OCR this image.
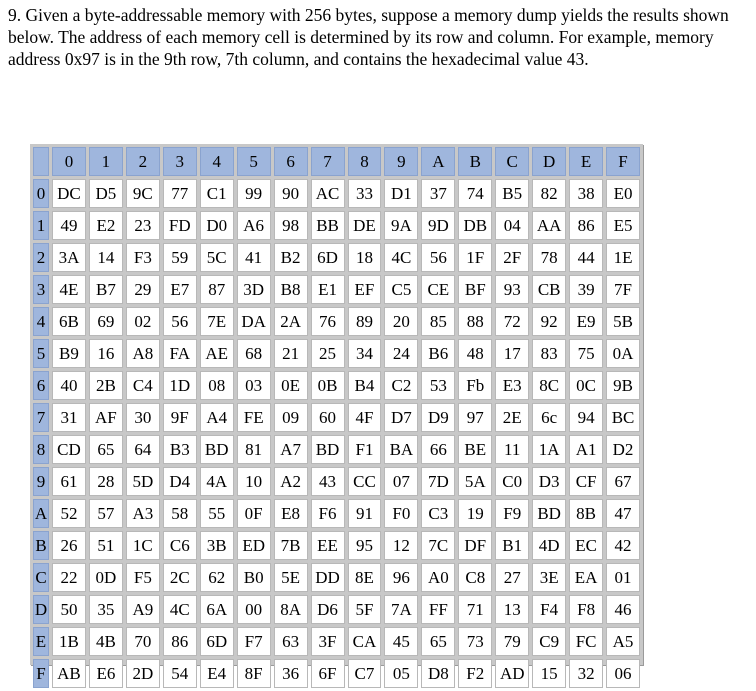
9. Given a byte-addressable memory with 256 bytes, suppose a memory dump yields the results shown below. The address of each memory cell is determined by its row and column. For example, memory address 0x97 is in the 9th row, 7th column, and contains the hexadecimal value 43.

	0	1	2	3	4	5	6	7	8	9	A	B	C	D	E	F
0	DC	D5	9C	77	C1	99	90	AC	33	D1	37	74	B5	82	38	E0
1	49	E2	23	FD	D0	A6	98	BB	DE	9A	9D	DB	04	AA	86	E5
2	3A	14	F3	59	5C	41	B2	6D	18	4C	56	1F	2F	78	44	1E
3	4E	B7	29	E7	87	3D	B8	E1	EF	C5	CE	BF	93	CB	39	7F
4	6B	69	02	56	7E	DA	2A	76	89	20	85	88	72	92	E9	5B
5	B9	16	A8	FA	AE	68	21	25	34	24	B6	48	17	83	75	0A
6	40	2B	C4	1D	08	03	0E	0B	B4	C2	53	Fb	E3	8C	0C	9B
7	31	AF	30	9F	A4	FE	09	60	4F	D7	D9	97	2E	6c	94	BC
8	CD	65	64	B3	BD	81	A7	BD	F1	BA	66	BE	11	1A	A1	D2
9	61	28	5D	D4	4A	10	A2	43	CC	07	7D	5A	C0	D3	CF	67
A	52	57	A3	58	55	0F	E8	F6	91	F0	C3	19	F9	BD	8B	47
B	26	51	1C	C6	3B	ED	7B	EE	95	12	7C	DF	B1	4D	EC	42
C	22	0D	F5	2C	62	B0	5E	DD	8E	96	A0	C8	27	3E	EA	01
D	50	35	A9	4C	6A	00	8A	D6	5F	7A	FF	71	13	F4	F8	46
E	1B	4B	70	86	6D	F7	63	3F	CA	45	65	73	79	C9	FC	A5
F	AB	E6	2D	54	E4	8F	36	6F	C7	05	D8	F2	AD	15	32	06
